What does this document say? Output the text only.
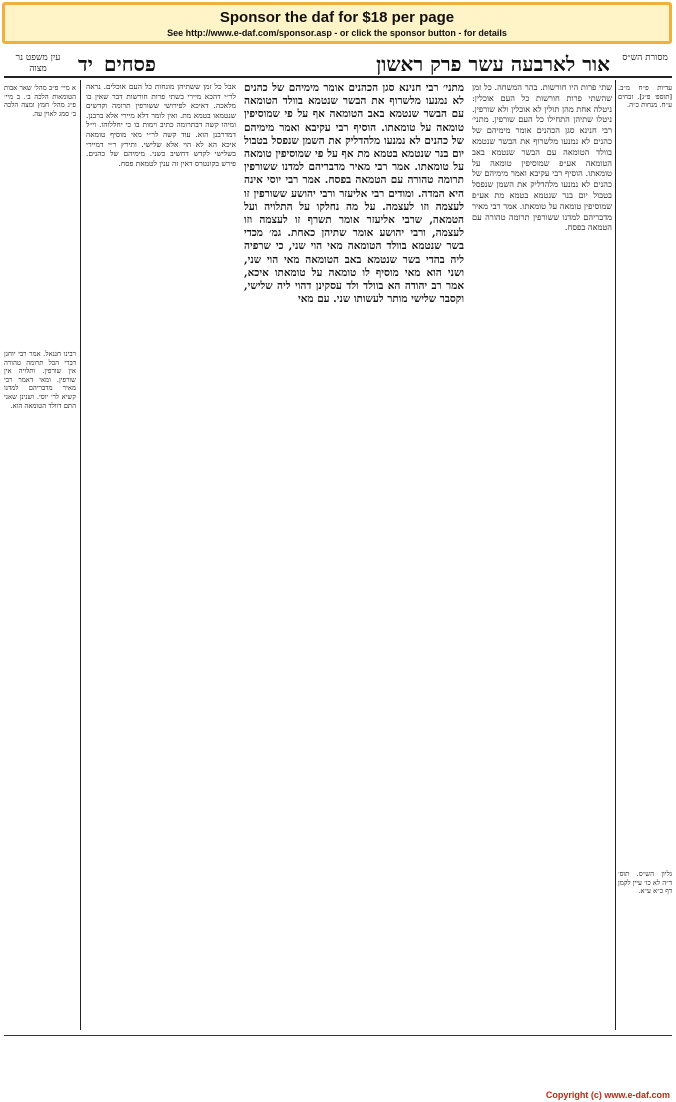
Sponsor the daf for $18 per page
See http://www.e-daf.com/sponsor.asp - or click the sponsor button - for details
מסורת הש״ס
אור לארבעה עשר פרק ראשון
פסחים
יד
עין משפט נר מצוה
עדיות פ״ח מ״ב. [תוספ׳ פ״ג]. זבחים ע״ח. מנחות כ״ה.
גליון הש״ס. תוס׳ ד״ה לא כו׳ עיין לקמן דף כ״א ע״א.
שתי פרות היו חורשות. בהר המשחה. כל זמן שהשתי פרות חורשות כל העם אוכלין: ניטלה אחת מהן תולין לא אוכלין ולא שורפין. ניטלו שתיהן התחילו כל העם שורפין. מתני׳ רבי חנינא סגן הכהנים אומר מימיהם של כהנים לא נמנעו מלשרוף את הבשר שנטמא בוולד הטומאה עם הבשר שנטמא באב הטומאה אע״פ שמוסיפין טומאה על טומאתו. הוסיף רבי עקיבא ואמר מימיהם של כהנים לא נמנעו מלהדליק את השמן שנפסל בטבול יום בנר שנטמא בטמא מת אע״פ שמוסיפין טומאה על טומאתו. אמר רבי מאיר מדבריהם למדנו ששורפין תרומה טהורה עם הטמאה בפסח.
מתני׳ רבי חנינא סגן הכהנים אומר מימיהם של כהנים לא נמנעו מלשרוף את הבשר שנטמא בוולד הטומאה עם הבשר שנטמא באב הטומאה אף על פי שמוסיפין טומאה על טומאתו. הוסיף רבי עקיבא ואמר מימיהם של כהנים לא נמנעו מלהדליק את השמן שנפסל בטבול יום בנר שנטמא בטמא מת אף על פי שמוסיפין טומאה על טומאתו. אמר רבי מאיר מדבריהם למדנו ששורפין תרומה טהורה עם הטמאה בפסח. אמר רבי יוסי אינה היא המדה. ומודים רבי אליעזר ורבי יהושע ששורפין זו לעצמה וזו לעצמה. על מה נחלקו על התלויה ועל הטמאה, שרבי אליעזר אומר תשרף זו לעצמה וזו לעצמה, ורבי יהושע אומר שתיהן כאחת. גמ׳ מכדי בשר שנטמא בוולד הטומאה מאי הוי שני, כי שרפיה ליה בהדי בשר שנטמא באב הטומאה מאי הוי שני, ושני הוא מאי מוסיף לו טומאה על טומאתו איכא, אמר רב יהודה הא בוולד ולד עסקינן דהוי ליה שלישי, וקסבר שלישי מותר לעשותו שני. עם מאי
אבל כל זמן ששתיהן מונחות כל העם אוכלים. נראה לר״י דהכא מיירי בשתי פרות חורשות דבר שאין בו מלאכה. דאיכא לפירושי ששורפין תרומה וקדשים שנטמאו בטמא מת. ואין לומר דלא מיירי אלא ברבנן. ומיהו קשה דבתרומה כתיב וימות בו כי יחללוהו. וי״ל דמדרבנן הוא. עוד קשה לר״י מאי מוסיף טומאה איכא הא לא הוי אלא שלישי. ותירץ ר״י דמיירי בשלישי לקדש דחשיב כשני. מימיהם של כהנים. פירש בקונטרס דאין זה ענין לטמאת פסח.
א מיי׳ פ״ב מהל׳ שאר אבות הטומאות הלכה ב׳. ב מיי׳ פ״ג מהל׳ חמץ ומצה הלכה ב׳ סמג לאוין עה.
רבינו חננאל. אמר רבי יוחנן דברי הכל תרומה טהורה אין שורפין. ותלויה אין שורפין. ומאי דאמר רבי מאיר מדבריהם למדנו קשיא לר׳ יוסי. ושנינן שאני התם דוולד הטומאה הוא.
Copyright (c) www.e-daf.com
